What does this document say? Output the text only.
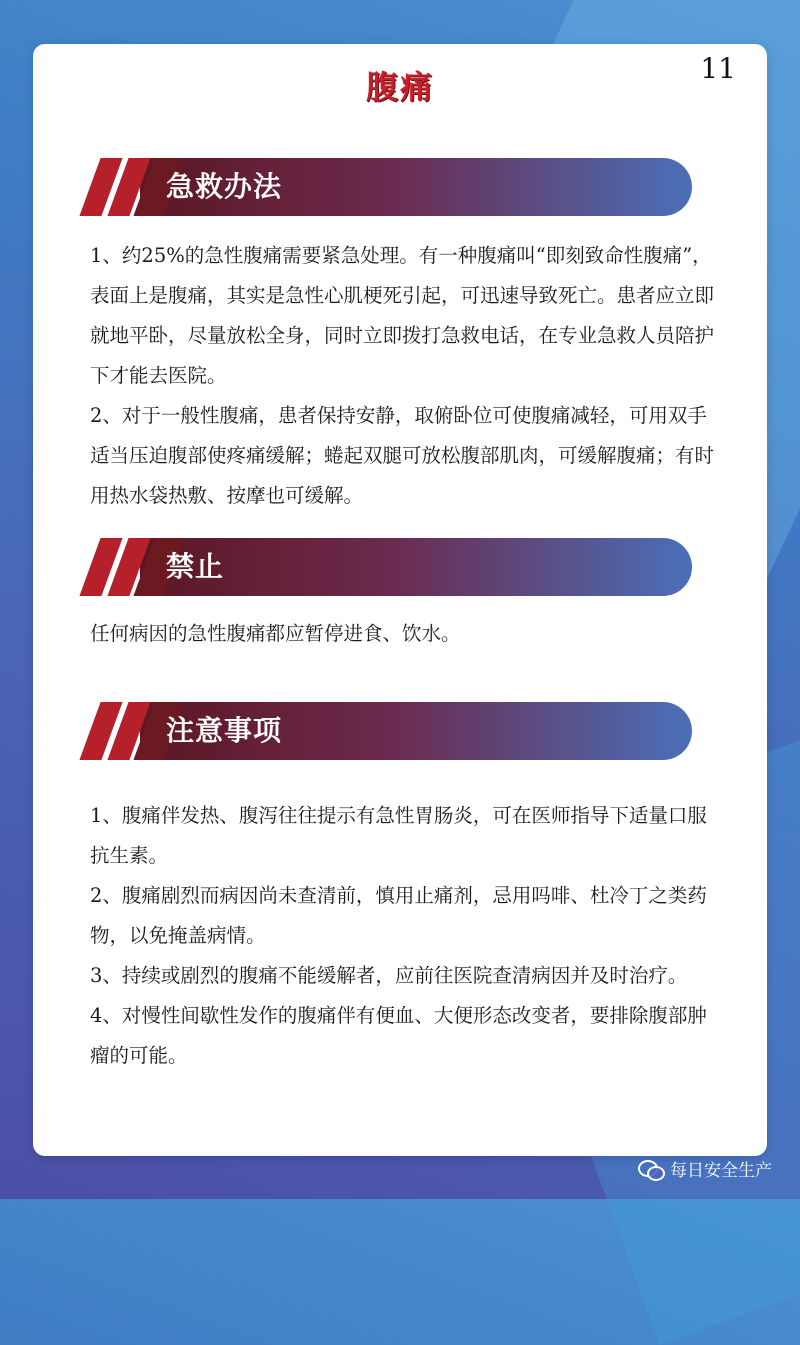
11
腹痛
急救办法

1、约25%的急性腹痛需要紧急处理。有一种腹痛叫“即刻致命性腹痛”，表面上是腹痛，其实是急性心肌梗死引起，可迅速导致死亡。患者应立即就地平卧，尽量放松全身，同时立即拨打急救电话，在专业急救人员陪护下才能去医院。

2、对于一般性腹痛，患者保持安静，取俯卧位可使腹痛减轻，可用双手适当压迫腹部使疼痛缓解；蜷起双腿可放松腹部肌肉，可缓解腹痛；有时用热水袋热敷、按摩也可缓解。

禁止

任何病因的急性腹痛都应暂停进食、饮水。

注意事项

1、腹痛伴发热、腹泻往往提示有急性胃肠炎，可在医师指导下适量口服抗生素。

2、腹痛剧烈而病因尚未查清前，慎用止痛剂，忌用吗啡、杜冷丁之类药物，以免掩盖病情。

3、持续或剧烈的腹痛不能缓解者，应前往医院查清病因并及时治疗。

4、对慢性间歇性发作的腹痛伴有便血、大便形态改变者，要排除腹部肿瘤的可能。

每日安全生产
